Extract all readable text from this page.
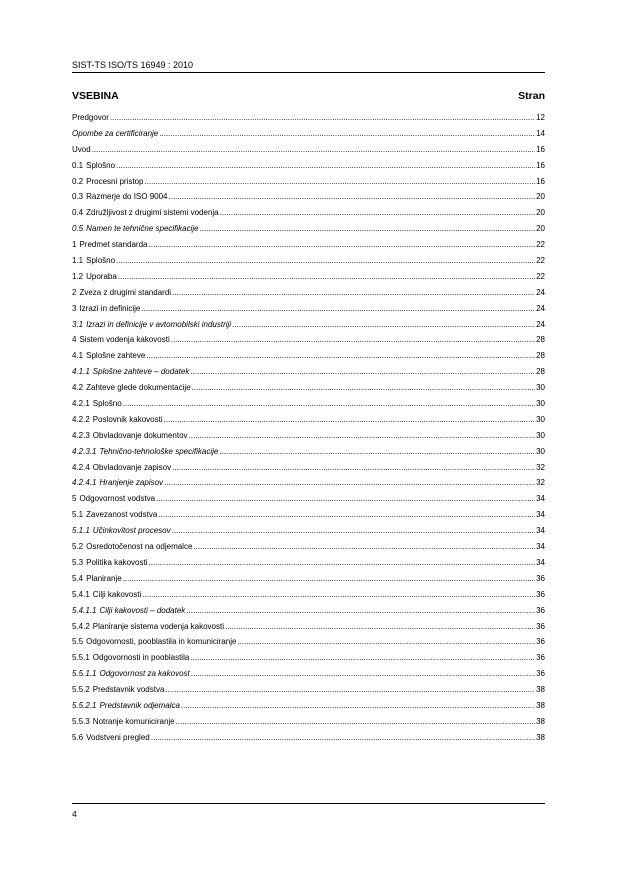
SIST-TS ISO/TS 16949 : 2010
VSEBINA	Stran
Predgovor .....	12
Opombe za certificiranje .....	14
Uvod .....	16
0.1 Splošno .....	16
0.2 Procesni pristop .....	16
0.3 Razmerje do ISO 9004 .....	20
0.4 Združljivost z drugimi sistemi vodenja .....	20
0.5 Namen te tehnične specifikacije .....	20
1 Predmet standarda .....	22
1.1 Splošno .....	22
1.2 Uporaba .....	22
2 Zveza z drugimi standardi .....	24
3 Izrazi in definicije .....	24
3.1 Izrazi in definicije v avtomobilski industriji .....	24
4 Sistem vodenja kakovosti .....	28
4.1 Splošne zahteve .....	28
4.1.1 Splošne zahteve – dodatek .....	28
4.2 Zahteve glede dokumentacije .....	30
4.2.1 Splošno .....	30
4.2.2 Poslovnik kakovosti .....	30
4.2.3 Obvladovanje dokumentov .....	30
4.2.3.1 Tehnično-tehnološke specifikacije .....	30
4.2.4 Obvladovanje zapisov .....	32
4.2.4.1 Hranjenje zapisov .....	32
5 Odgovornost vodstva .....	34
5.1 Zavezanost vodstva .....	34
5.1.1 Učinkovitost procesov .....	34
5.2 Osredotočenost na odjemalce .....	34
5.3 Politika kakovosti .....	34
5.4 Planiranje .....	36
5.4.1 Cilji kakovosti .....	36
5.4.1.1 Cilji kakovosti – dodatek .....	36
5.4.2 Planiranje sistema vodenja kakovosti .....	36
5.5 Odgovornosti, pooblastila in komuniciranje .....	36
5.5.1 Odgovornosti in pooblastila .....	36
5.5.1.1 Odgovornost za kakovost .....	36
5.5.2 Predstavnik vodstva .....	38
5.5.2.1 Predstavnik odjemalca .....	38
5.5.3 Notranje komuniciranje .....	38
5.6 Vodstveni pregled .....	38
4
